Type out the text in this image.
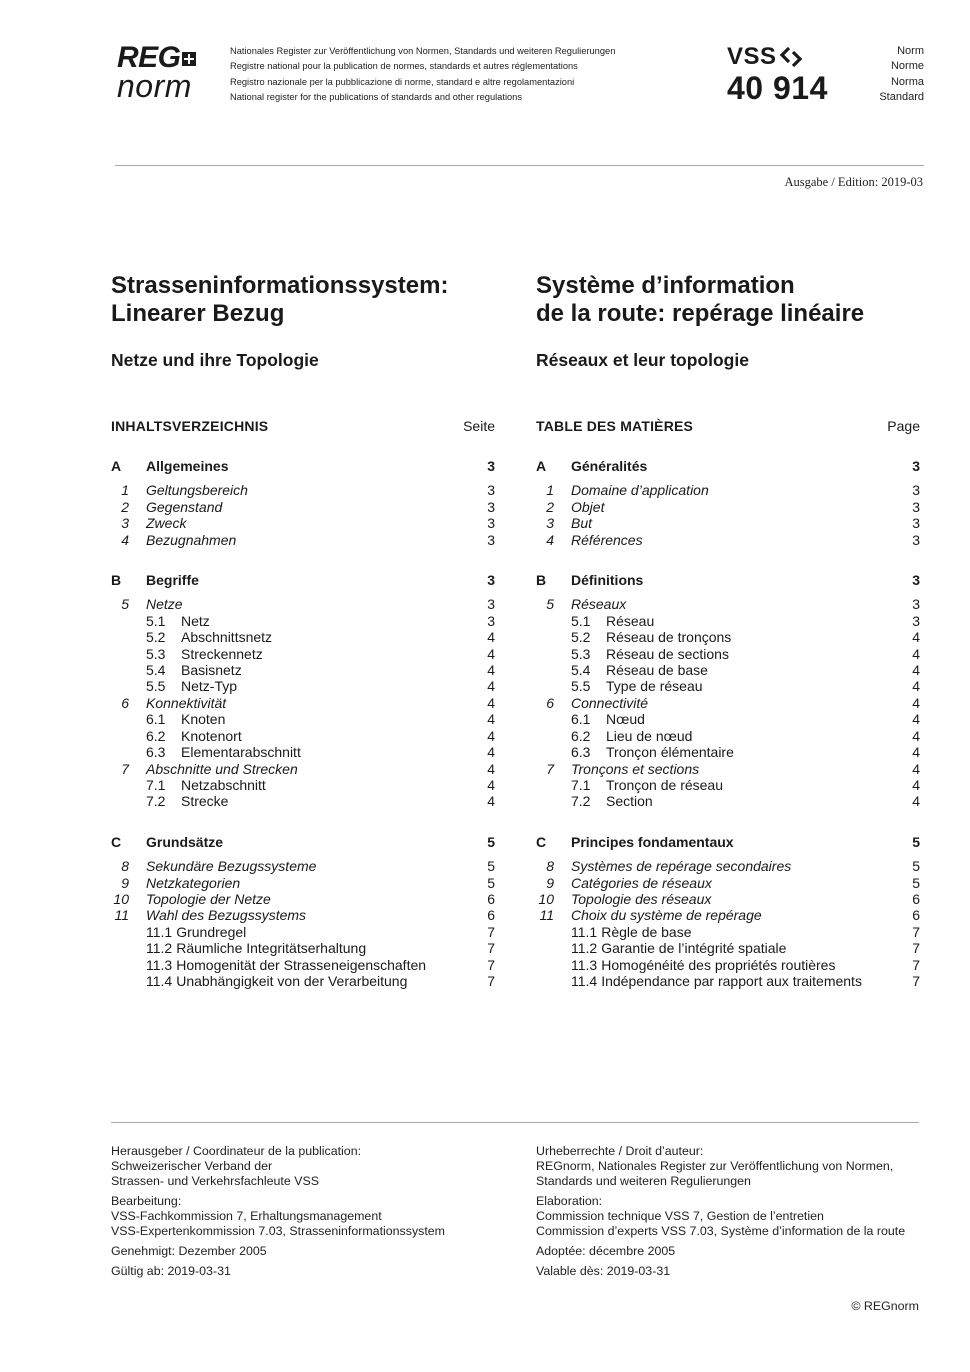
REG
norm
Nationales Register zur Veröffentlichung von Normen, Standards und weiteren Regulierungen
Registre national pour la publication de normes, standards et autres réglementations
Registro nazionale per la pubblicazione di norme, standard e altre regolamentazioni
National register for the publications of standards and other regulations
VSS
40 914
Norm
Norme
Norma
Standard
Ausgabe / Edition: 2019-03
Strasseninformationssystem:
Linearer Bezug
Système d’information
de la route: repérage linéaire
Netze und ihre Topologie	Réseaux et leur topologie
INHALTSVERZEICHNIS	Seite	TABLE DES MATIÈRES	Page
A	Allgemeines	3
1	Geltungsbereich	3
2	Gegenstand	3
3	Zweck	3
4	Bezugnahmen	3
B	Begriffe	3
5	Netze	3
5.1	Netz	3
5.2	Abschnittsnetz	4
5.3	Streckennetz	4
5.4	Basisnetz	4
5.5	Netz-Typ	4
6	Konnektivität	4
6.1	Knoten	4
6.2	Knotenort	4
6.3	Elementarabschnitt	4
7	Abschnitte und Strecken	4
7.1	Netzabschnitt	4
7.2	Strecke	4
C	Grundsätze	5
8	Sekundäre Bezugssysteme	5
9	Netzkategorien	5
10	Topologie der Netze	6
11	Wahl des Bezugssystems	6
11.1 Grundregel	7
11.2 Räumliche Integritätserhaltung	7
11.3 Homogenität der Strasseneigenschaften	7
11.4 Unabhängigkeit von der Verarbeitung	7
A	Généralités	3
1	Domaine d’application	3
2	Objet	3
3	But	3
4	Références	3
B	Définitions	3
5	Réseaux	3
5.1	Réseau	3
5.2	Réseau de tronçons	4
5.3	Réseau de sections	4
5.4	Réseau de base	4
5.5	Type de réseau	4
6	Connectivité	4
6.1	Nœud	4
6.2	Lieu de nœud	4
6.3	Tronçon élémentaire	4
7	Tronçons et sections	4
7.1	Tronçon de réseau	4
7.2	Section	4
C	Principes fondamentaux	5
8	Systèmes de repérage secondaires	5
9	Catégories de réseaux	5
10	Topologie des réseaux	6
11	Choix du système de repérage	6
11.1 Règle de base	7
11.2 Garantie de l’intégrité spatiale	7
11.3 Homogénéité des propriétés routières	7
11.4 Indépendance par rapport aux traitements	7

Herausgeber / Coordinateur de la publication:
Schweizerischer Verband der
Strassen- und Verkehrsfachleute VSS

Bearbeitung:
VSS-Fachkommission 7, Erhaltungsmanagement
VSS-Expertenkommission 7.03, Strasseninformationssystem

Genehmigt: Dezember 2005

Gültig ab: 2019-03-31

Urheberrechte / Droit d’auteur:
REGnorm, Nationales Register zur Veröffentlichung von Normen,
Standards und weiteren Regulierungen

Elaboration:
Commission technique VSS 7, Gestion de l’entretien
Commission d’experts VSS 7.03, Système d’information de la route

Adoptée: décembre 2005

Valable dès: 2019-03-31

© REGnorm
